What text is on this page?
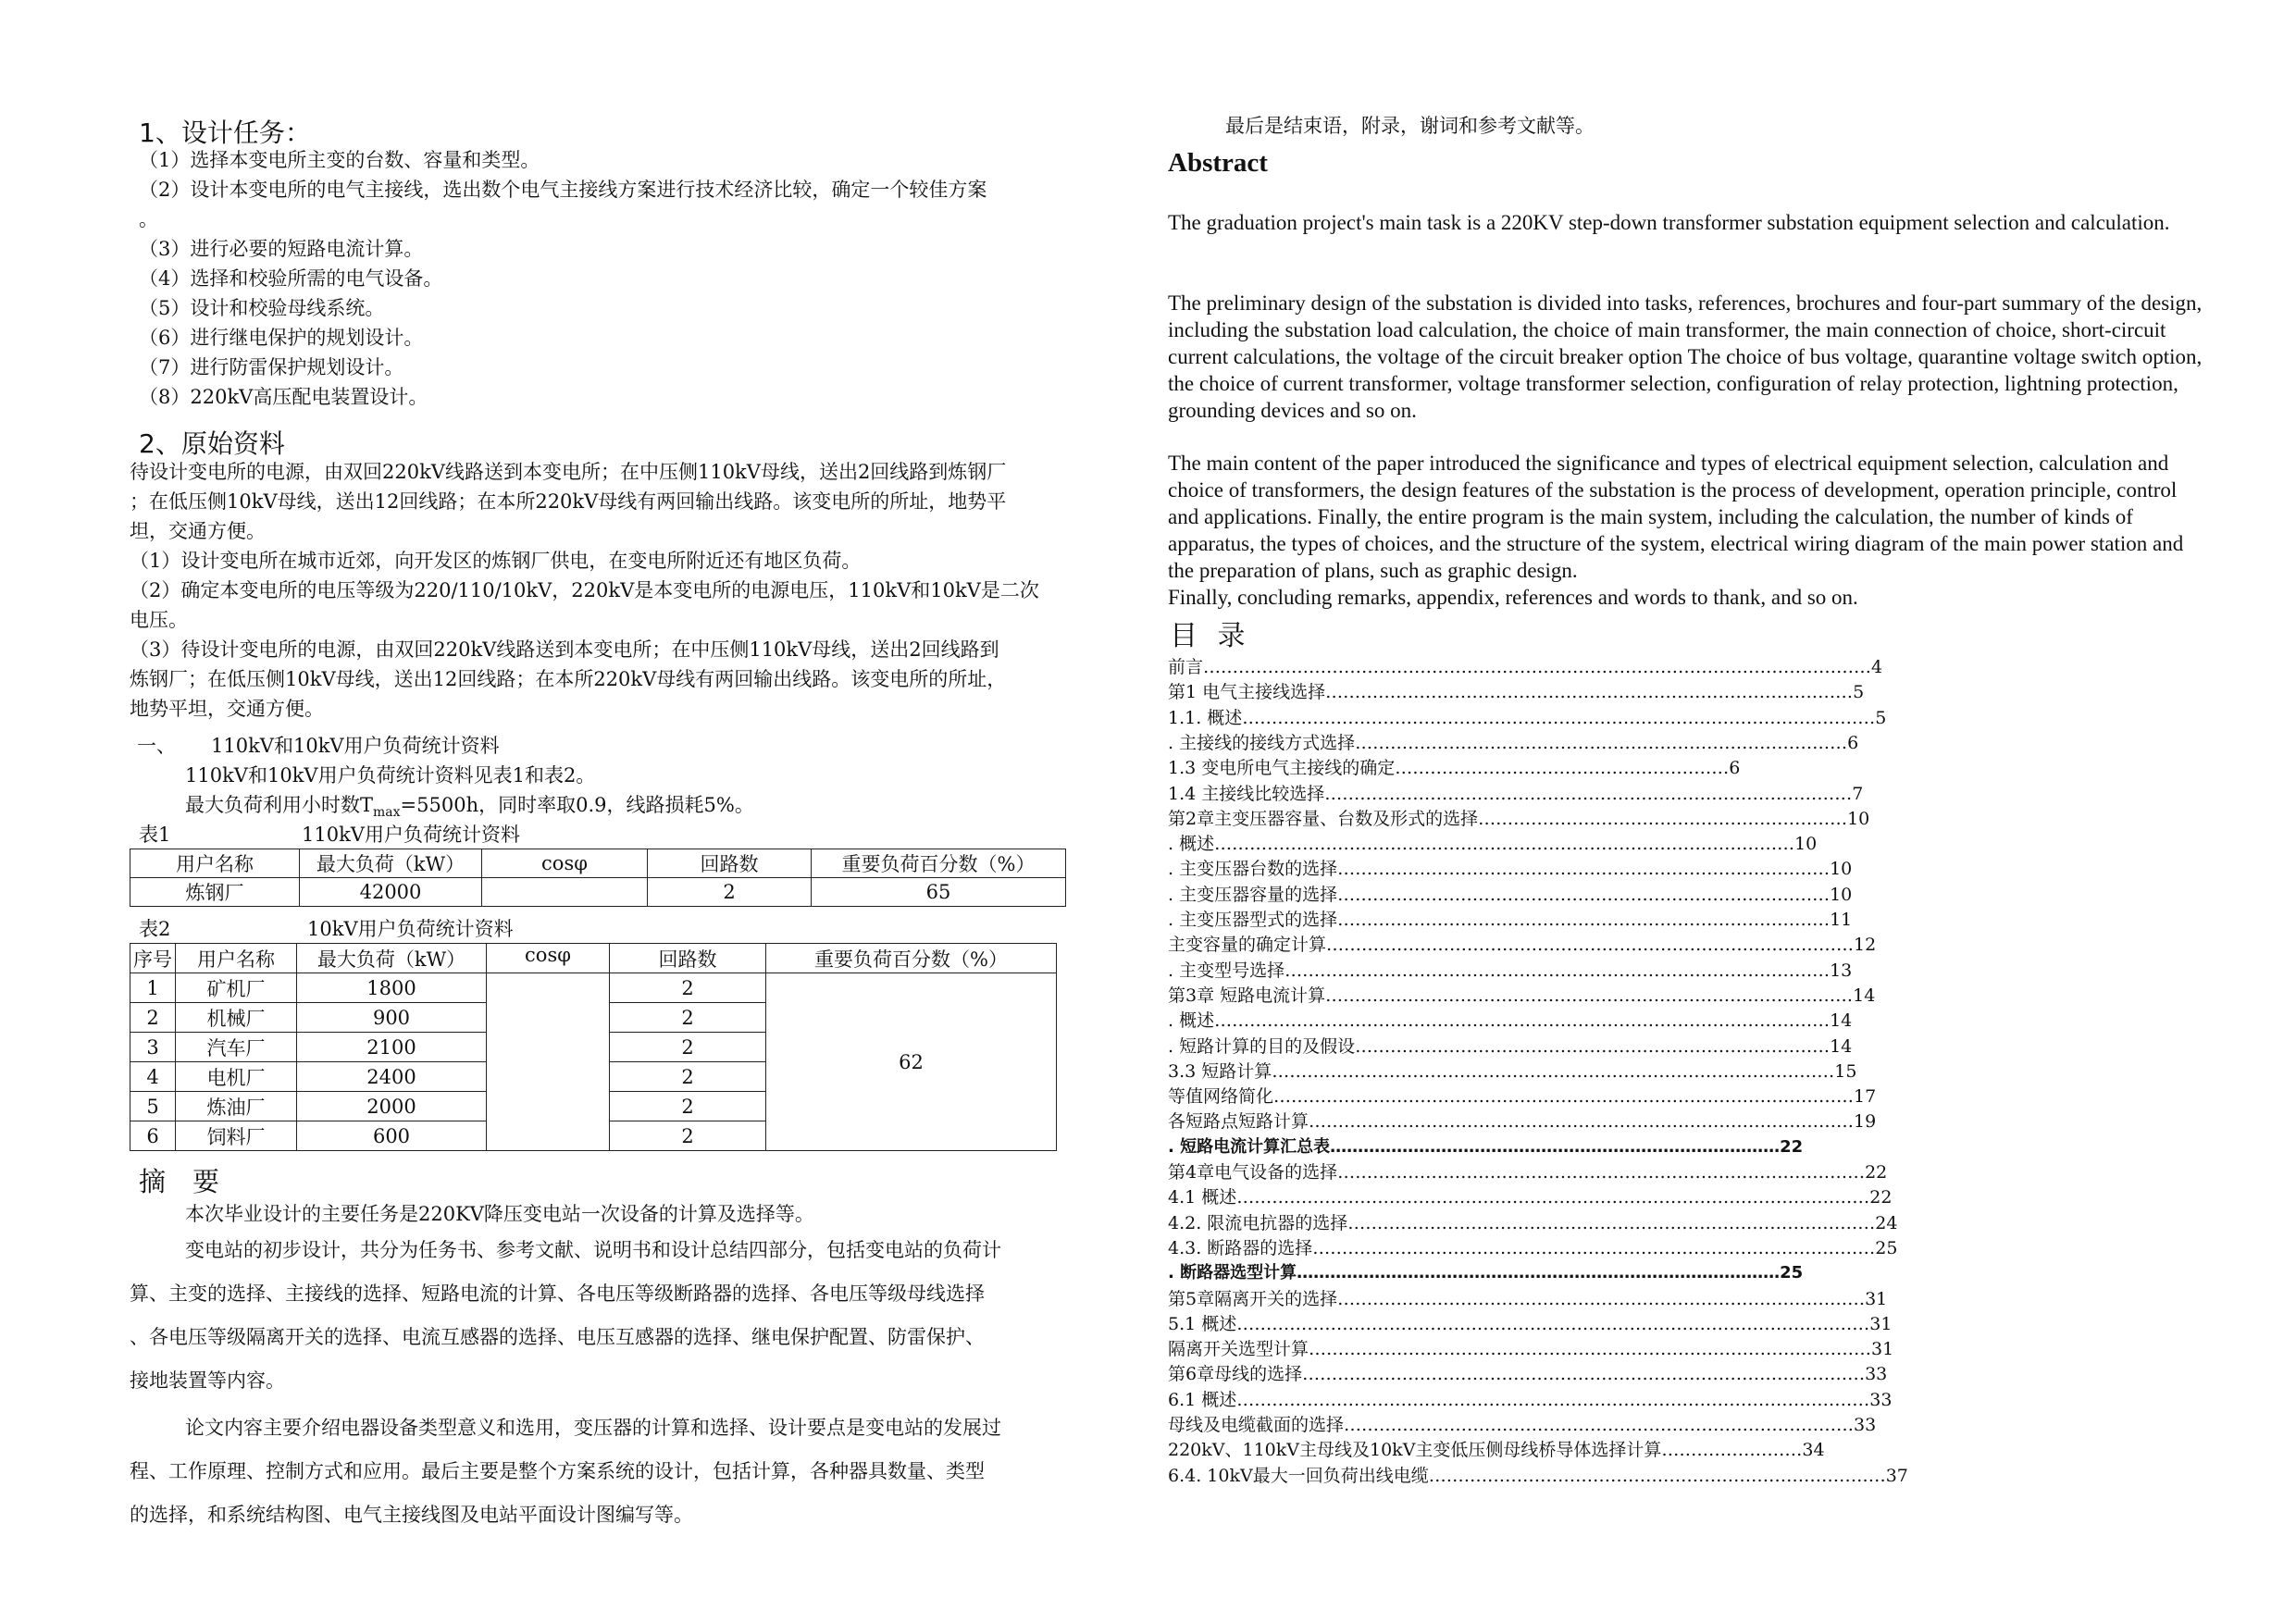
1、设计任务：
（1）选择本变电所主变的台数、容量和类型。
（2）设计本变电所的电气主接线，选出数个电气主接线方案进行技术经济比较，确定一个较佳方案
。
（3）进行必要的短路电流计算。
（4）选择和校验所需的电气设备。
（5）设计和校验母线系统。
（6）进行继电保护的规划设计。
（7）进行防雷保护规划设计。
（8）220kV高压配电装置设计。
2、原始资料
待设计变电所的电源，由双回220kV线路送到本变电所；在中压侧110kV母线，送出2回线路到炼钢厂
；在低压侧10kV母线，送出12回线路；在本所220kV母线有两回输出线路。该变电所的所址，地势平
坦，交通方便。
（1）设计变电所在城市近郊，向开发区的炼钢厂供电，在变电所附近还有地区负荷。
（2）确定本变电所的电压等级为220/110/10kV，220kV是本变电所的电源电压，110kV和10kV是二次
电压。
（3）待设计变电所的电源，由双回220kV线路送到本变电所；在中压侧110kV母线，送出2回线路到
炼钢厂；在低压侧10kV母线，送出12回线路；在本所220kV母线有两回输出线路。该变电所的所址，
地势平坦，交通方便。
一、 110kV和10kV用户负荷统计资料
110kV和10kV用户负荷统计资料见表1和表2。
最大负荷利用小时数$T_{max}=5500h$，同时率取0.9，线路损耗5%。
表1	110kV用户负荷统计资料
用户名称	最大负荷（kW）	cosφ	回路数	重要负荷百分数（%）
炼钢厂	42000		2	65
表2	10kV用户负荷统计资料
序号	用户名称	最大负荷（kW）	cosφ	回路数	重要负荷百分数（%）
1	矿机厂	1800		2	62
2	机械厂	900		2	
3	汽车厂	2100		2	
4	电机厂	2400		2	
5	炼油厂	2000		2	
6	饲料厂	600		2	
摘　要
本次毕业设计的主要任务是220KV降压变电站一次设备的计算及选择等。
变电站的初步设计，共分为任务书、参考文献、说明书和设计总结四部分，包括变电站的负荷计
算、主变的选择、主接线的选择、短路电流的计算、各电压等级断路器的选择、各电压等级母线选择
、各电压等级隔离开关的选择、电流互感器的选择、电压互感器的选择、继电保护配置、防雷保护、
接地装置等内容。
论文内容主要介绍电器设备类型意义和选用，变压器的计算和选择、设计要点是变电站的发展过
程、工作原理、控制方式和应用。最后主要是整个方案系统的设计，包括计算，各种器具数量、类型
的选择，和系统结构图、电气主接线图及电站平面设计图编写等。
最后是结束语，附录，谢词和参考文献等。
Abstract
The graduation project's main task is a 220KV step-down transformer substation equipment selection and calculation.
The preliminary design of the substation is divided into tasks, references, brochures and four-part summary of the design, including the substation load calculation, the choice of main transformer, the main connection of choice, short-circuit current calculations, the voltage of the circuit breaker option The choice of bus voltage, quarantine voltage switch option, the choice of current transformer, voltage transformer selection, configuration of relay protection, lightning protection, grounding devices and so on.
The main content of the paper introduced the significance and types of electrical equipment selection, calculation and choice of transformers, the design features of the substation is the process of development, operation principle, control and applications. Finally, the entire program is the main system, including the calculation, the number of kinds of apparatus, the types of choices, and the structure of the system, electrical wiring diagram of the main power station and the preparation of plans, such as graphic design.
Finally, concluding remarks, appendix, references and words to thank, and so on.
目 录
前言……………………………………………………………………………………………………4
第1 电气主接线选择………………………………………………………………………………5
1.1. 概述………………………………………………………………………………………………5
. 主接线的接线方式选择…………………………………………………………………………6
1.3 变电所电气主接线的确定…………………………………………………6
1.4 主接线比较选择………………………………………………………………………………7
第2章主变压器容量、台数及形式的选择………………………………………………………10
. 概述………………………………………………………………………………………10
. 主变压器台数的选择…………………………………………………………………………10
. 主变压器容量的选择…………………………………………………………………………10
. 主变压器型式的选择…………………………………………………………………………11
主变容量的确定计算………………………………………………………………………………12
. 主变型号选择…………………………………………………………………………………13
第3章 短路电流计算………………………………………………………………………………14
. 概述……………………………………………………………………………………………14
. 短路计算的目的及假设………………………………………………………………………14
3.3 短路计算……………………………………………………………………………………15
等值网络简化………………………………………………………………………………………17
各短路点短路计算…………………………………………………………………………………19
. 短路电流计算汇总表………………………………………………………………………22
第4章电气设备的选择………………………………………………………………………………22
4.1 概述………………………………………………………………………………………………22
4.2. 限流电抗器的选择………………………………………………………………………………24
4.3. 断路器的选择……………………………………………………………………………………25
. 断路器选型计算……………………………………………………………………………25
第5章隔离开关的选择………………………………………………………………………………31
5.1 概述………………………………………………………………………………………………31
隔离开关选型计算……………………………………………………………………………………31
第6章母线的选择……………………………………………………………………………………33
6.1 概述………………………………………………………………………………………………33
母线及电缆截面的选择……………………………………………………………………………33
220kV、110kV主母线及10kV主变低压侧母线桥导体选择计算……………………34
6.4. 10kV最大一回负荷出线电缆……………………………………………………………………37
